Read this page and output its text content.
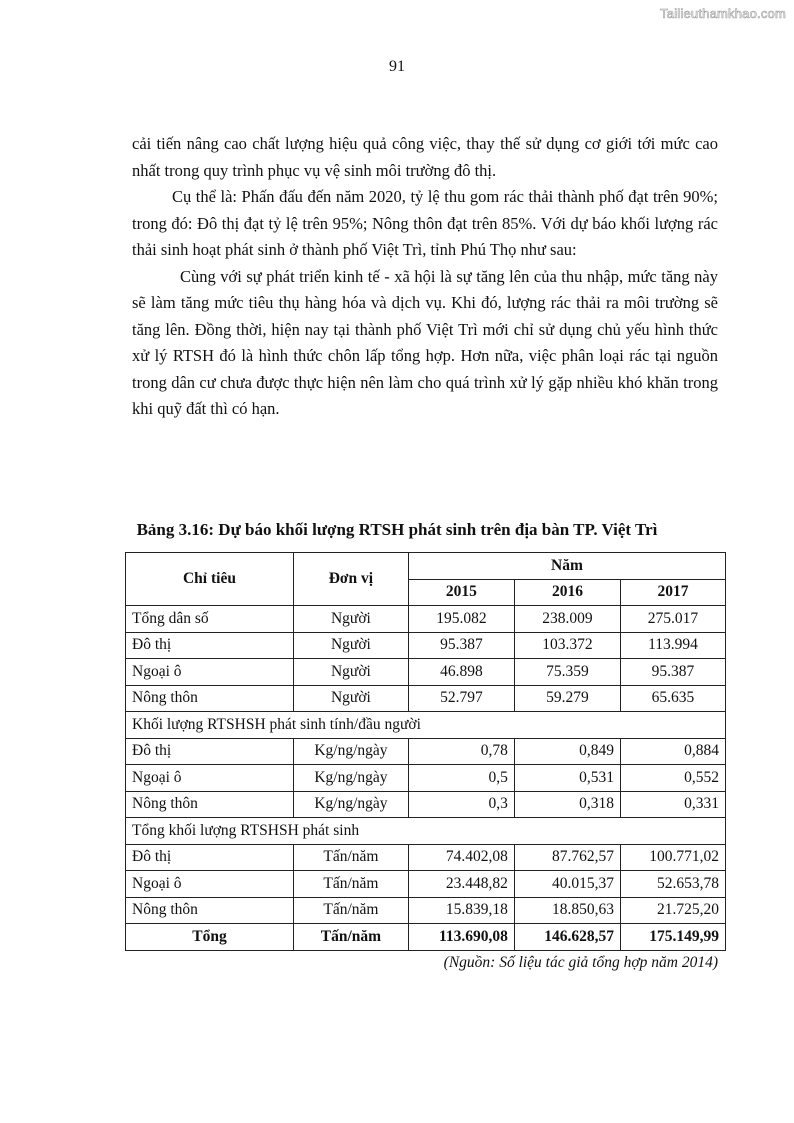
Tailieuthamkhao.com
91

cải tiến nâng cao chất lượng hiệu quả công việc, thay thế sử dụng cơ giới tới mức cao nhất trong quy trình phục vụ vệ sinh môi trường đô thị.

Cụ thể là: Phấn đấu đến năm 2020, tỷ lệ thu gom rác thải thành phố đạt trên 90%; trong đó: Đô thị đạt tỷ lệ trên 95%; Nông thôn đạt trên 85%. Với dự báo khối lượng rác thải sinh hoạt phát sinh ở thành phố Việt Trì, tỉnh Phú Thọ như sau:

Cùng với sự phát triển kinh tế - xã hội là sự tăng lên của thu nhập, mức tăng này sẽ làm tăng mức tiêu thụ hàng hóa và dịch vụ. Khi đó, lượng rác thải ra môi trường sẽ tăng lên. Đồng thời, hiện nay tại thành phố Việt Trì mới chỉ sử dụng chủ yếu hình thức xử lý RTSH đó là hình thức chôn lấp tổng hợp. Hơn nữa, việc phân loại rác tại nguồn trong dân cư chưa được thực hiện nên làm cho quá trình xử lý gặp nhiều khó khăn trong khi quỹ đất thì có hạn.

Bảng 3.16: Dự báo khối lượng RTSH phát sinh trên địa bàn TP. Việt Trì
Chỉ tiêu	Đơn vị	Năm		
		2015	2016	2017
Tổng dân số	Người	195.082	238.009	275.017
Đô thị	Người	95.387	103.372	113.994
Ngoại ô	Người	46.898	75.359	95.387
Nông thôn	Người	52.797	59.279	65.635
Khối lượng RTSHSH phát sinh tính/đầu người				
Đô thị	Kg/ng/ngày	0,78	0,849	0,884
Ngoại ô	Kg/ng/ngày	0,5	0,531	0,552
Nông thôn	Kg/ng/ngày	0,3	0,318	0,331
Tổng khối lượng RTSHSH phát sinh				
Đô thị	Tấn/năm	74.402,08	87.762,57	100.771,02
Ngoại ô	Tấn/năm	23.448,82	40.015,37	52.653,78
Nông thôn	Tấn/năm	15.839,18	18.850,63	21.725,20
Tổng	Tấn/năm	113.690,08	146.628,57	175.149,99
(Nguồn: Số liệu tác giả tổng hợp năm 2014)
